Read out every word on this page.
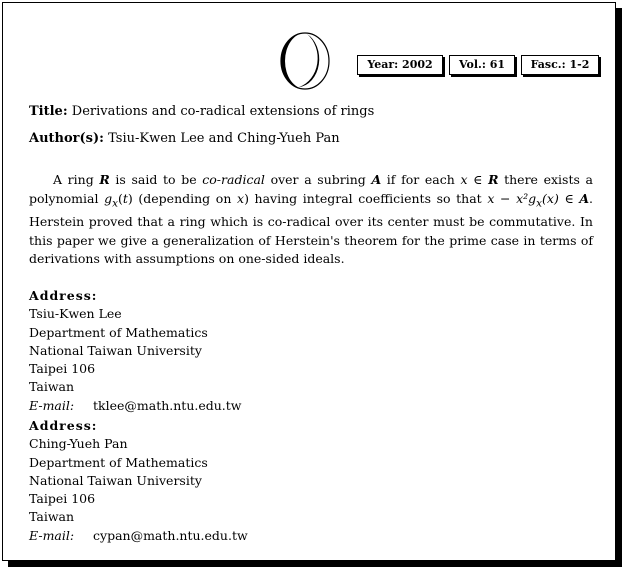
Year: 2002	Vol.: 61	Fasc.: 1-2
Title: Derivations and co-radical extensions of rings
Author(s): Tsiu-Kwen Lee and Ching-Yueh Pan

A ring R is said to be co-radical over a subring A if for each x ∈ R there exists a polynomial $g_x(t)$ (depending on x) having integral coefficients so that $x - x^2g_x(x)$ ∈ A. Herstein proved that a ring which is co-radical over its center must be commutative. In this paper we give a generalization of Herstein's theorem for the prime case in terms of derivations with assumptions on one-sided ideals.

Address:
Tsiu-Kwen Lee
Department of Mathematics
National Taiwan University
Taipei 106
Taiwan
E-mail: tklee@math.ntu.edu.tw
Address:
Ching-Yueh Pan
Department of Mathematics
National Taiwan University
Taipei 106
Taiwan
E-mail: cypan@math.ntu.edu.tw
